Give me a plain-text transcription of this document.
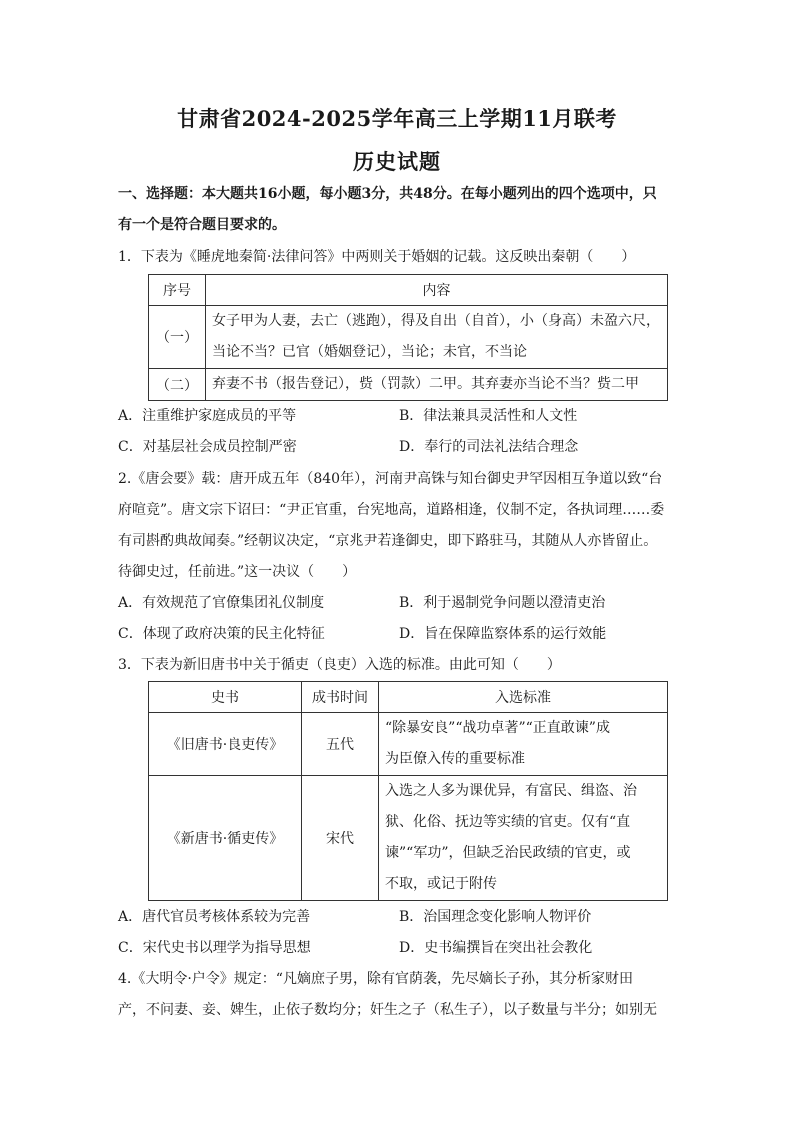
甘肃省2024-2025学年高三上学期11月联考
历史试题
一、选择题：本大题共16小题，每小题3分，共48分。在每小题列出的四个选项中，只
有一个是符合题目要求的。
1．下表为《睡虎地秦简·法律问答》中两则关于婚姻的记载。这反映出秦朝（　　）
序号	内容
（一）	女子甲为人妻，去亡（逃跑），得及自出（自首），小（身高）未盈六尺，
当论不当？已官（婚姻登记），当论；未官，不当论

（二）	弃妻不书（报告登记），赀（罚款）二甲。其弃妻亦当论不当？赀二甲
A．注重维护家庭成员的平等	B．律法兼具灵活性和人文性
C．对基层社会成员控制严密	D．奉行的司法礼法结合理念
2.《唐会要》载：唐开成五年（840年），河南尹高铢与知台御史尹罕因相互争道以致“台
府喧竞”。唐文宗下诏曰：“尹正官重，台宪地高，道路相逢，仪制不定，各执词理……委
有司斟酌典故闻奏。”经朝议决定，“京兆尹若逢御史，即下路驻马，其随从人亦皆留止。
待御史过，任前进。”这一决议（　　）
A．有效规范了官僚集团礼仪制度	B．利于遏制党争问题以澄清吏治
C．体现了政府决策的民主化特征	D．旨在保障监察体系的运行效能
3．下表为新旧唐书中关于循吏（良吏）入选的标准。由此可知（　　）
史书	成书时间	入选标准
《旧唐书·良吏传》	五代	“除暴安良”“战功卓著”“正直敢谏”成
为臣僚入传的重要标准

《新唐书·循吏传》	宋代	入选之人多为课优异，有富民、缉盗、治
狱、化俗、抚边等实绩的官吏。仅有“直
谏”“军功”，但缺乏治民政绩的官吏，或
不取，或记于附传
A．唐代官员考核体系较为完善	B．治国理念变化影响人物评价
C．宋代史书以理学为指导思想	D．史书编撰旨在突出社会教化
4.《大明令·户令》规定：“凡嫡庶子男，除有官荫袭，先尽嫡长子孙，其分析家财田
产，不问妻、妾、婢生，止依子数均分；奸生之子（私生子），以子数量与半分；如别无
